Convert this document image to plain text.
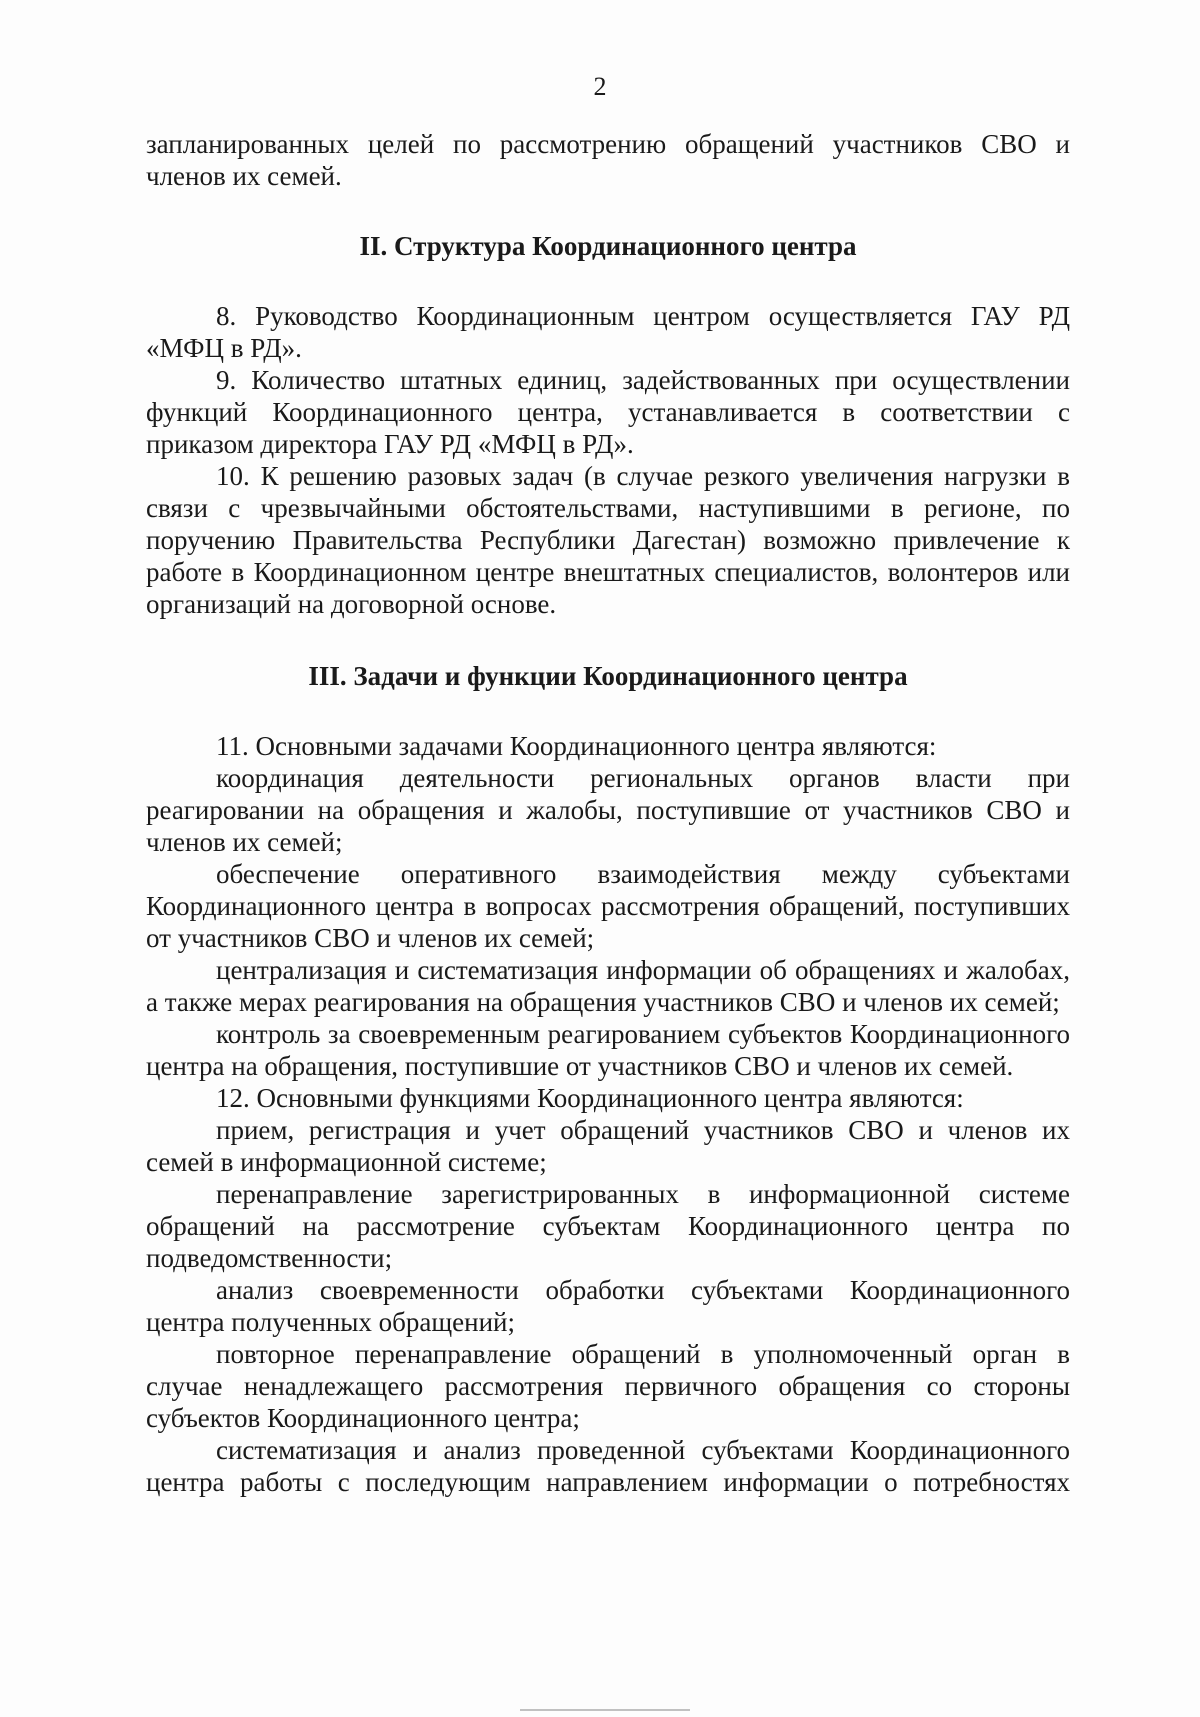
2

запланированных целей по рассмотрению обращений участников СВО и членов их семей.

II. Структура Координационного центра

8. Руководство Координационным центром осуществляется ГАУ РД «МФЦ в РД».

9. Количество штатных единиц, задействованных при осуществлении функций Координационного центра, устанавливается в соответствии с приказом директора ГАУ РД «МФЦ в РД».

10. К решению разовых задач (в случае резкого увеличения нагрузки в связи с чрезвычайными обстоятельствами, наступившими в регионе, по поручению Правительства Республики Дагестан) возможно привлечение к работе в Координационном центре внештатных специалистов, волонтеров или организаций на договорной основе.

III. Задачи и функции Координационного центра

11. Основными задачами Координационного центра являются:

координация деятельности региональных органов власти при реагировании на обращения и жалобы, поступившие от участников СВО и членов их семей;

обеспечение оперативного взаимодействия между субъектами Координационного центра в вопросах рассмотрения обращений, поступивших от участников СВО и членов их семей;

централизация и систематизация информации об обращениях и жалобах, а также мерах реагирования на обращения участников СВО и членов их семей;

контроль за своевременным реагированием субъектов Координационного центра на обращения, поступившие от участников СВО и членов их семей.

12. Основными функциями Координационного центра являются:

прием, регистрация и учет обращений участников СВО и членов их семей в информационной системе;

перенаправление зарегистрированных в информационной системе обращений на рассмотрение субъектам Координационного центра по подведомственности;

анализ своевременности обработки субъектами Координационного центра полученных обращений;

повторное перенаправление обращений в уполномоченный орган в случае ненадлежащего рассмотрения первичного обращения со стороны субъектов Координационного центра;

систематизация и анализ проведенной субъектами Координационного центра работы с последующим направлением информации о потребностях
